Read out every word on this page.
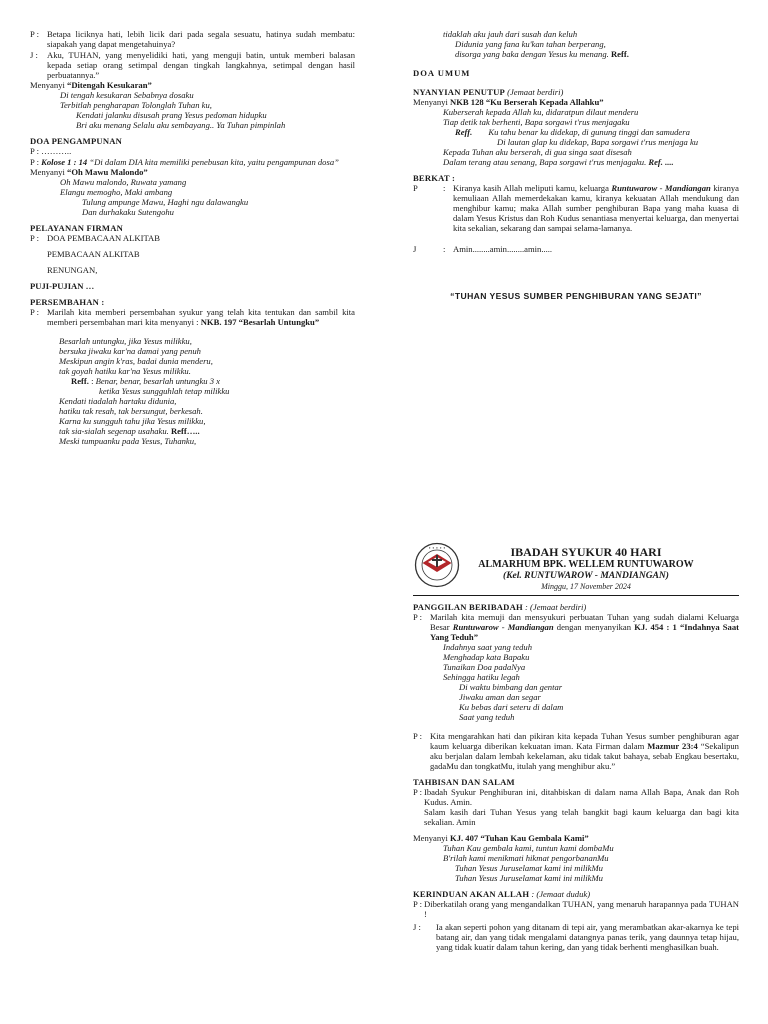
P : Betapa liciknya hati, lebih licik dari pada segala sesuatu, hatinya sudah membatu: siapakah yang dapat mengetahuinya?
J :	Aku, TUHAN, yang menyelidiki hati, yang menguji batin, untuk memberi balasan kepada setiap orang setimpal dengan tingkah langkahnya, setimpal dengan hasil perbuatannya.”
Menyanyi “Ditengah Kesukaran”
Di tengah kesukaran Sebabnya dosaku
Terbitlah pengharapan Tolonglah Tuhan ku,
Kendati jalanku disusah prang Yesus pedoman hidupku
Bri aku menang Selalu aku sembayang.. Ya Tuhan pimpinlah
DOA PENGAMPUNAN
P : ………..
P : Kolose 1 : 14 “Di dalam DIA kita memiliki penebusan kita, yaitu pengampunan dosa”
Menyanyi “Oh Mawu Malondo”
Oh Mawu malondo, Ruwata yamang
Elangu memogho, Maki ambang
Tulung ampunge Mawu, Haghi ngu dalawangku
Dan durhakaku Sutengohu
PELAYANAN FIRMAN
P : DOA PEMBACAAN ALKITAB
PEMBACAAN ALKITAB
RENUNGAN,
PUJI-PUJIAN …
PERSEMBAHAN :
P : Marilah kita memberi persembahan syukur yang telah kita tentukan dan sambil kita memberi persembahan mari kita menyanyi : NKB. 197 “Besarlah Untungku”
Besarlah untungku, jika Yesus milikku,
bersuka jiwaku kar'na damai yang penuh
Meskipun angin k'ras, badai dunia menderu,
tak goyah hatiku kar'na Yesus milikku.
Reff. : Benar, benar, besarlah untungku 3 x
ketika Yesus sungguhlah tetap milikku
Kendati tiadalah hartaku didunia,
hatiku tak resah, tak bersungut, berkesah.
Karna ku sungguh tahu jika Yesus milikku,
tak sia-sialah segenap usahaku. Reff…..
Meski tumpuanku pada Yesus, Tuhanku,
tidaklah aku jauh dari susah dan keluh
Didunia yang fana ku'kan tahan berperang,
disorga yang baka dengan Yesus ku menang. Reff.
DOA UMUM
NYANYIAN PENUTUP (Jemaat berdiri)
Menyanyi NKB 128 “Ku Berserah Kepada Allahku”
Kuberserah kepada Allah ku, didaratpun dilaut menderu
Tiap detik tak berhenti, Bapa sorgawi t'rus menjagaku
Reff. Ku tahu benar ku didekap, di gunung tinggi dan samudera
Di lautan glap ku didekap, Bapa sorgawi t'rus menjaga ku
Kepada Tuhan aku berserah, di gua singa saat disesah
Dalam terang atau senang, Bapa sorgawi t'rus menjagaku. Ref. ....
BERKAT :
P	: Kiranya kasih Allah meliputi kamu, keluarga Runtuwarow - Mandiangan kiranya kemuliaan Allah memerdekakan kamu, kiranya kekuatan Allah mendukung dan menghibur kamu; maka Allah sumber penghiburan Bapa yang maha kuasa di dalam Yesus Kristus dan Roh Kudus senantiasa menyertai keluarga, dan menyertai kita sekalian, sekarang dan sampai selama-lamanya.
J	: Amin........amin........amin.....
“TUHAN YESUS SUMBER PENGHIBURAN YANG SEJATI”
• • • • •	IBADAH SYUKUR 40 HARI
ALMARHUM BPK. WELLEM RUNTUWAROW
(Kel. RUNTUWAROW - MANDIANGAN)
Minggu, 17 November 2024
PANGGILAN BERIBADAH : (Jemaat berdiri)
P : Marilah kita memuji dan mensyukuri perbuatan Tuhan yang sudah dialami Keluarga Besar Runtuwarow - Mandiangan dengan menyanyikan KJ. 454 : 1 “Indahnya Saat Yang Teduh”
Indahnya saat yang teduh
Menghadap kata Bapaku
Tunaikan Doa padaNya
Sehingga hatiku legah
Di waktu bimbang dan gentar
Jiwaku aman dan segar
Ku bebas dari seteru di dalam
Saat yang teduh
P : Kita mengarahkan hati dan pikiran kita kepada Tuhan Yesus sumber penghiburan agar kaum keluarga diberikan kekuatan iman. Kata Firman dalam Mazmur 23:4 “Sekalipun aku berjalan dalam lembah kekelaman, aku tidak takut bahaya, sebab Engkau besertaku, gadaMu dan tongkatMu, itulah yang menghibur aku.”
TAHBISAN DAN SALAM
P : Ibadah Syukur Penghiburan ini, ditahbiskan di dalam nama Allah Bapa, Anak dan Roh Kudus. Amin.
Salam kasih dari Tuhan Yesus yang telah bangkit bagi kaum keluarga dan bagi kita sekalian. Amin
Menyanyi KJ. 407 “Tuhan Kau Gembala Kami”
Tuhan Kau gembala kami, tuntun kami dombaMu
B'rilah kami menikmati hikmat pengorbananMu
Tuhan Yesus Juruselamat kami ini milikMu
Tuhan Yesus Juruselamat kami ini milikMu
KERINDUAN AKAN ALLAH : (Jemaat duduk)
P : Diberkatilah orang yang mengandalkan TUHAN, yang menaruh harapannya pada TUHAN !
J :	Ia akan seperti pohon yang ditanam di tepi air, yang merambatkan akar-akarnya ke tepi batang air, dan yang tidak mengalami datangnya panas terik, yang daunnya tetap hijau, yang tidak kuatir dalam tahun kering, dan yang tidak berhenti menghasilkan buah.
